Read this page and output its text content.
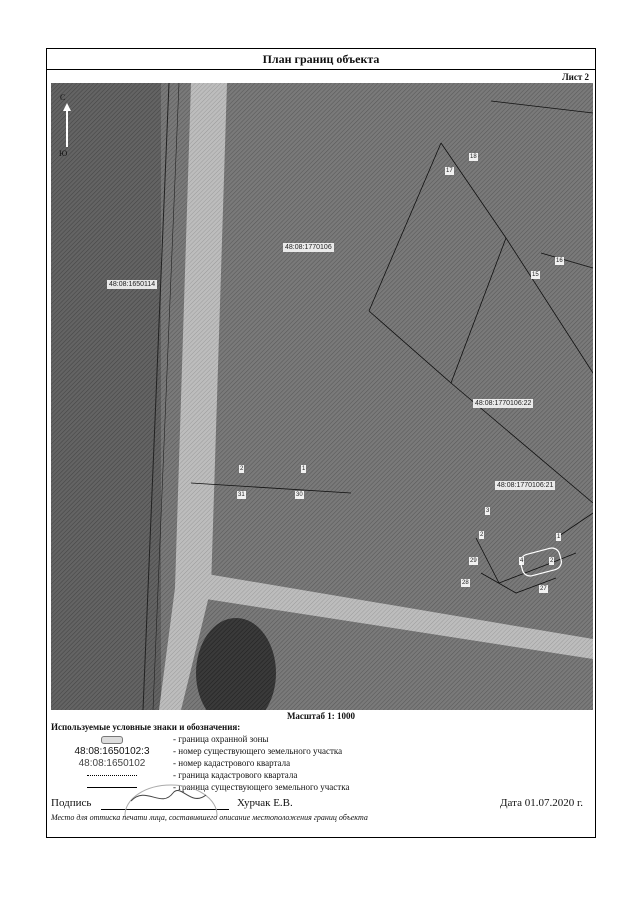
План границ объекта
Лист 2
С
Ю
48:08:1770106
48:08:1650114
48:08:1770106:22
48:08:1770106:21
18
17
16
15
2	1
31	30
3
2	1
4	2
29
28
27
Масштаб 1: 1000
Используемые условные знаки и обозначения:
- граница охранной зоны
48:08:1650102:3	- номер существующего земельного участка
48:08:1650102	- номер кадастрового квартала
- граница кадастрового квартала
- граница существующего земельного участка
Подпись	Хурчак Е.В.	Дата 01.07.2020 г.
Место для оттиска печати лица, составившего описание местоположения границ объекта
